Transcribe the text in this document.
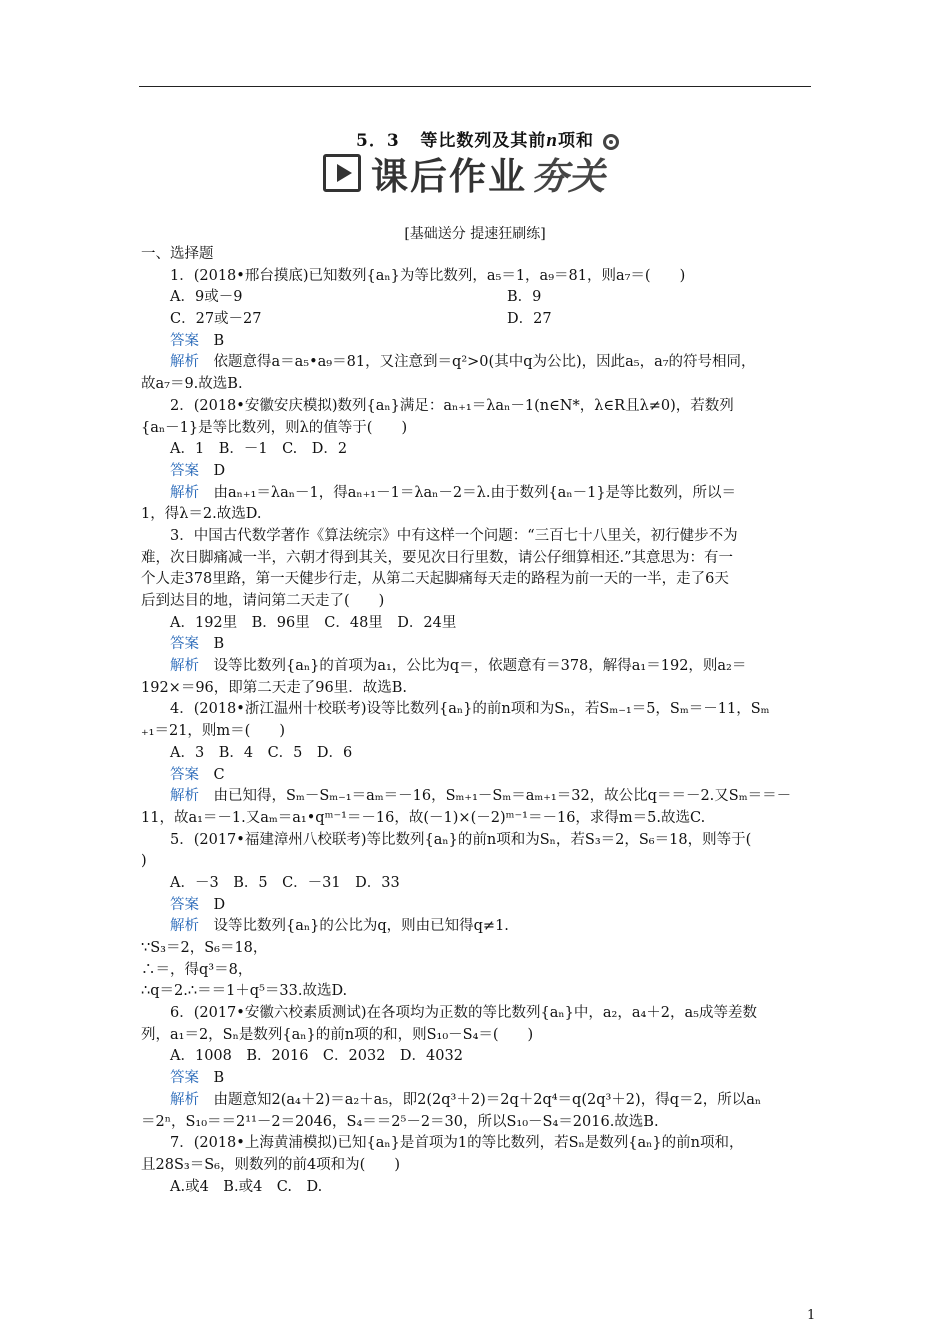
5．3 等比数列及其前n项和
课后作业 夯关
[基础送分 提速狂刷练]
一、选择题
1．(2018•邢台摸底)已知数列{aₙ}为等比数列，a₅＝1，a₉＝81，则a₇＝(　　)
A．9或－9	B．9
C．27或－27	D．27
答案　 B
解析　 依题意得a＝a₅•a₉＝81，又注意到＝q²>0(其中q为公比)，因此a₅，a₇的符号相同，
故a₇＝9.故选B.
2．(2018•安徽安庆模拟)数列{aₙ}满足：aₙ₊₁＝λaₙ－1(n∈N*，λ∈R且λ≠0)，若数列
{aₙ－1}是等比数列，则λ的值等于(　　)
A．1　B．－1　C.　D．2
答案　 D
解析　 由aₙ₊₁＝λaₙ－1，得aₙ₊₁－1＝λaₙ－2＝λ.由于数列{aₙ－1}是等比数列，所以＝
1，得λ＝2.故选D.
3．中国古代数学著作《算法统宗》中有这样一个问题：“三百七十八里关，初行健步不为
难，次日脚痛减一半，六朝才得到其关，要见次日行里数，请公仔细算相还.”其意思为：有一
个人走378里路，第一天健步行走，从第二天起脚痛每天走的路程为前一天的一半，走了6天
后到达目的地，请问第二天走了(　　)
A．192里　B．96里　C．48里　D．24里
答案　 B
解析　 设等比数列{aₙ}的首项为a₁，公比为q＝，依题意有＝378，解得a₁＝192，则a₂＝
192×＝96，即第二天走了96里．故选B.
4．(2018•浙江温州十校联考)设等比数列{aₙ}的前n项和为Sₙ，若Sₘ₋₁＝5，Sₘ＝－11，Sₘ
₊₁＝21，则m＝(　　)
A．3　B．4　C．5　D．6
答案　 C
解析　 由已知得，Sₘ－Sₘ₋₁＝aₘ＝－16，Sₘ₊₁－Sₘ＝aₘ₊₁＝32，故公比q＝＝－2.又Sₘ＝＝－
11，故a₁＝－1.又aₘ＝a₁•qᵐ⁻¹＝－16，故(－1)×(－2)ᵐ⁻¹＝－16，求得m＝5.故选C.
5．(2017•福建漳州八校联考)等比数列{aₙ}的前n项和为Sₙ，若S₃＝2，S₆＝18，则等于(
)
A．－3　B．5　C．－31　D．33
答案　 D
解析　 设等比数列{aₙ}的公比为q，则由已知得q≠1.
∵S₃＝2，S₆＝18，
∴＝，得q³＝8，
∴q＝2.∴＝＝1＋q⁵＝33.故选D.
6．(2017•安徽六校素质测试)在各项均为正数的等比数列{aₙ}中，a₂，a₄＋2，a₅成等差数
列，a₁＝2，Sₙ是数列{aₙ}的前n项的和，则S₁₀－S₄＝(　　)
A．1008　B．2016　C．2032　D．4032
答案　 B
解析　 由题意知2(a₄＋2)＝a₂＋a₅，即2(2q³＋2)＝2q＋2q⁴＝q(2q³＋2)，得q＝2，所以aₙ
＝2ⁿ，S₁₀＝＝2¹¹－2＝2046，S₄＝＝2⁵－2＝30，所以S₁₀－S₄＝2016.故选B.
7．(2018•上海黄浦模拟)已知{aₙ}是首项为1的等比数列，若Sₙ是数列{aₙ}的前n项和，
且28S₃＝S₆，则数列的前4项和为(　　)
A.或4　B.或4　C.　D.
1
